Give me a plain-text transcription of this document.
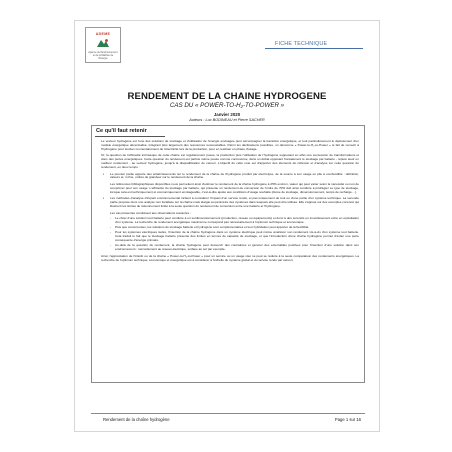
ADEME
Agence de l'Environnement et de la Maîtrise de l'Energie
FICHE TECHNIQUE
RENDEMENT DE LA CHAINE HYDROGENE
CAS DU « POWER-TO-H₂-TO-POWER »
Janvier 2020
Auteurs : Luc BODINEAU et Pierre SACHER
Ce qu'il faut retenir

Le vecteur hydrogène est l'une des solutions de stockage et d'utilisation de l'énergie envisagée pour accompagner la transition énergétique, et tout particulièrement le déploiement d'un modèle énergétique décentralisé, intégrant plus largement des ressources renouvelables. Parmi les déclinaisons possibles, on dénomme « Power-to-H₂-to-Power » le fait de recourir à l'hydrogène pour stocker momentanément de l'électricité lors de la production, pour en restituer en phase d'usage.

Or, la question de l'efficacité intrinsèque de cette chaîne est régulièrement posée, la production puis l'utilisation de l'hydrogène supposant en effet une succession de transformations et donc des pertes énergétiques. Cette question du rendement est parfois même posée comme controverse, dans un débat opposant frontalement le stockage par batterie - réputé avoir un meilleur rendement - au vecteur hydrogène, jusqu'à la disqualification de celui-ci. L'objectif de cette note est d'apporter des éléments de réflexion et d'analyse sur cette question du rendement, en deux temps :

▪ Le premier partie apporte des éclaircissements sur le rendement de la chaîne de l'hydrogène produit par électrolyse, de la source à son usage en pile à combustible : définition, valeurs et, in fine, ordres de grandeur sur le rendement de la chaîne.

Les références bibliographiques disponibles nous permettent ainsi d'estimer le rendement de la chaîne hydrogène à 25% environ, valeur qui peut varier selon la nécessité ou non de comprimer pour son usage. L'efficacité du stockage par batterie, qui présente un rendement de conversion de l'ordre de 70% doit ainsi conduire à privilégier ce type de stockage, lorsque cela est techniquement et économiquement envisageable, c'est-à-dire ajusté aux conditions d'usage souhaité (durée de stockage, dimensionnement, temps de recharge…).

▪ Les méthodes d'analyse d'impact environnemental incitent à considérer l'impact d'un service rendu, et pas uniquement de tout ou d'une partie d'un système technique. La seconde partie propose donc une analyse non focalisée sur la chaîne mais élargie au périmètre des systèmes dans lesquels elle peut être utilisée. Elle s'appuie sur des exemples concrets qui illustrent les limites du raisonnement limité à la seule question du rendement de conversion entre une batterie et l'hydrogène.

Les cas présentés conduisent aux observations suivantes :

- Le choix d'une solution tout batterie peut conduire à un surdimensionnement (production, réseau ou équipements) et donc à des surcoûts en investissement et/ou en exploitation d'un système. La recherche du rendement énergétique maximal ne correspond pas nécessairement à l'optimum technique et économique.
- Plus que concurrentes, les solutions de stockage batterie et hydrogène sont complémentaires et leur hybridation peut apporter de la flexibilité.
- Pour les systèmes électriques isolés, l'insertion de la chaîne hydrogène dans un système électrique peut même améliorer son rendement vis-à-vis d'un système tout batterie. Cela traduit le fait que le stockage batterie présente des limites en termes de capacité de stockage, et que l'introduction d'une chaîne hydrogène permet d'éviter une perte conséquente d'énergie primaire.
- Au-delà de la question du rendement, la chaîne hydrogène peut desservir des contraintes et générer des externalités positives pour l'insertion d'une solution dans son environnement : raccordement au réseau électrique, surface au sol par exemple.

Ainsi, l'appréciation de l'intérêt ou de la chaîne « Power-to-H₂-to-Power » pour un service ou un usage visé ne peut se réduire à la seule comparaison des rendements énergétiques. La recherche de l'optimum technique, économique et énergétique est à considérer à l'échelle du système global et du service rendu par celui-ci.

Rendement de la chaîne hydrogène	Page 1 sur 16
